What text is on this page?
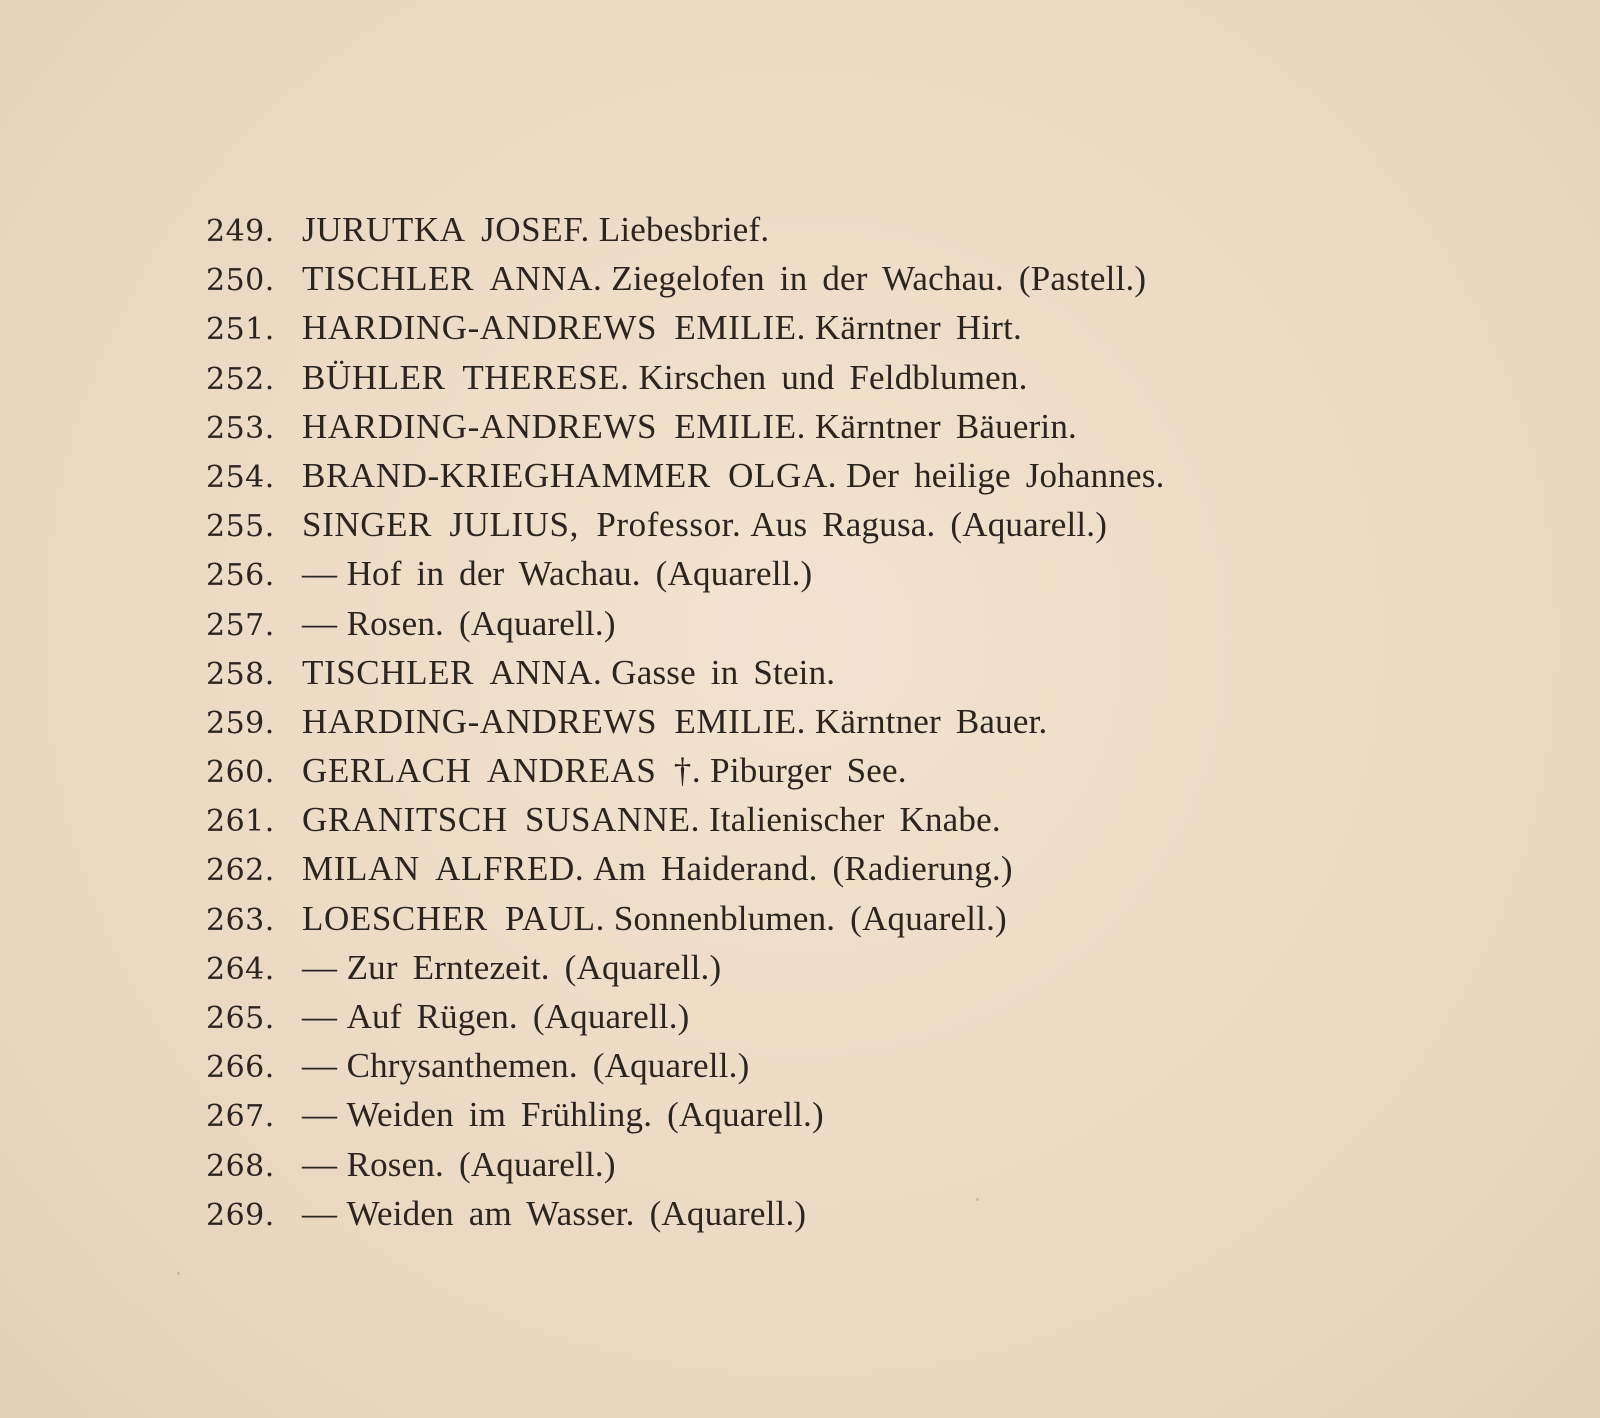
249. JURUTKA JOSEF. Liebesbrief.
250. TISCHLER ANNA. Ziegelofen in der Wachau. (Pastell.)
251. HARDING-ANDREWS EMILIE. Kärntner Hirt.
252. BÜHLER THERESE. Kirschen und Feldblumen.
253. HARDING-ANDREWS EMILIE. Kärntner Bäuerin.
254. BRAND-KRIEGHAMMER OLGA. Der heilige Johannes.
255. SINGER JULIUS, Professor. Aus Ragusa. (Aquarell.)
256. — Hof in der Wachau. (Aquarell.)
257. — Rosen. (Aquarell.)
258. TISCHLER ANNA. Gasse in Stein.
259. HARDING-ANDREWS EMILIE. Kärntner Bauer.
260. GERLACH ANDREAS †. Piburger See.
261. GRANITSCH SUSANNE. Italienischer Knabe.
262. MILAN ALFRED. Am Haiderand. (Radierung.)
263. LOESCHER PAUL. Sonnenblumen. (Aquarell.)
264. — Zur Erntezeit. (Aquarell.)
265. — Auf Rügen. (Aquarell.)
266. — Chrysanthemen. (Aquarell.)
267. — Weiden im Frühling. (Aquarell.)
268. — Rosen. (Aquarell.)
269. — Weiden am Wasser. (Aquarell.)
